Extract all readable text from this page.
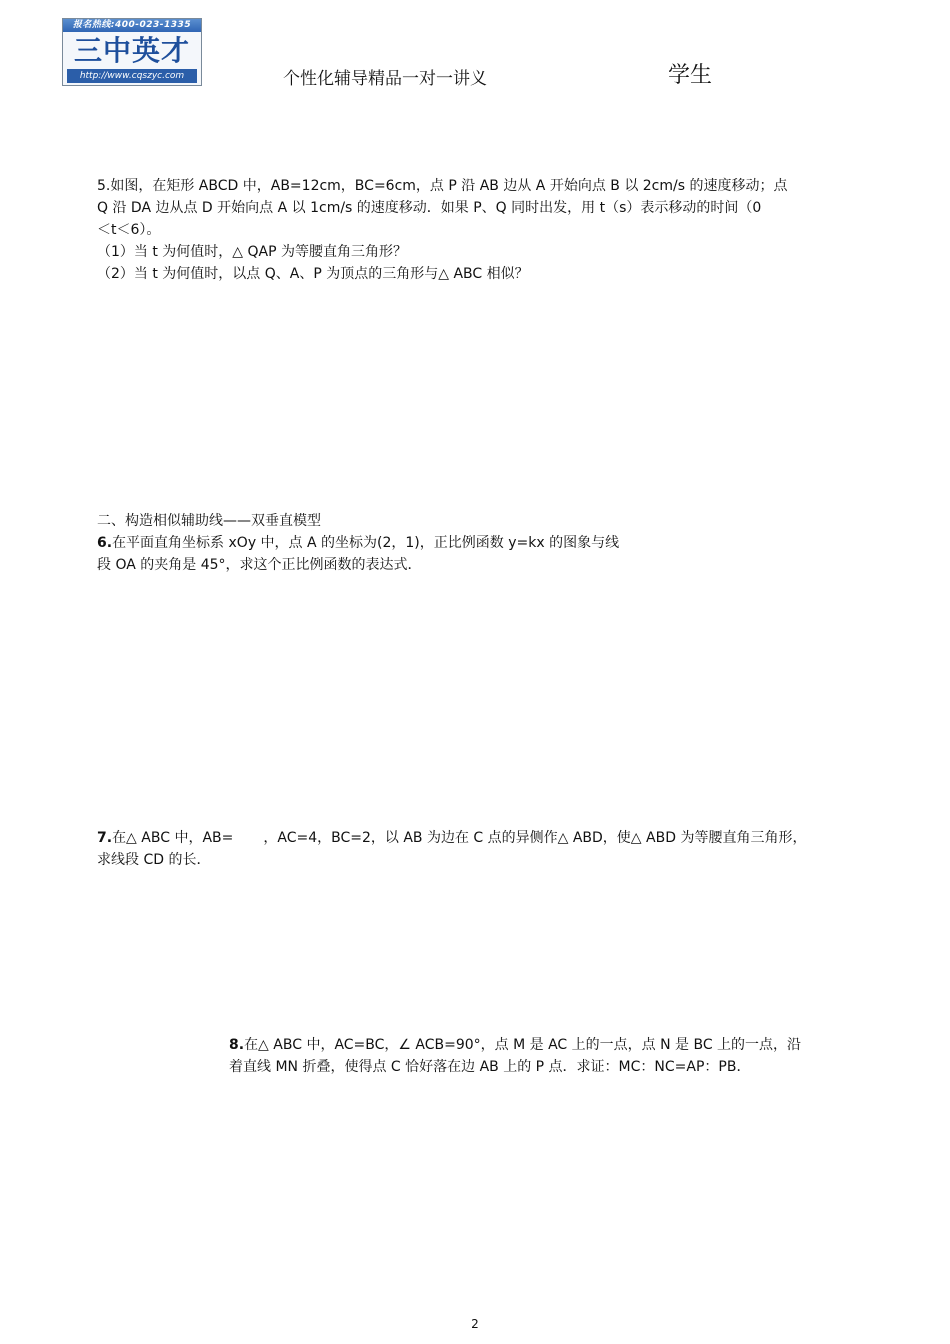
报名热线:400-023-1335
三中英才
http://www.cqszyc.com	个性化辅导精品一对一讲义	学生

5.如图，在矩形 ABCD 中，AB=12cm，BC=6cm，点 P 沿 AB 边从 A 开始向点 B 以 2cm/s 的速度移动；点

Q 沿 DA 边从点 D 开始向点 A 以 1cm/s 的速度移动．如果 P、Q 同时出发，用 t（s）表示移动的时间（0

＜t＜6）。

（1）当 t 为何值时，△ QAP 为等腰直角三角形？

（2）当 t 为何值时，以点 Q、A、P 为顶点的三角形与△ ABC 相似？

二、构造相似辅助线——双垂直模型

6.在平面直角坐标系 xOy 中，点 A 的坐标为(2，1)，正比例函数 y=kx 的图象与线

段 OA 的夹角是 45°，求这个正比例函数的表达式．

7.在△ ABC 中，AB= ，AC=4，BC=2，以 AB 为边在 C 点的异侧作△ ABD，使△ ABD 为等腰直角三角形，

求线段 CD 的长．

8.在△ ABC 中，AC=BC，∠ ACB=90°，点 M 是 AC 上的一点，点 N 是 BC 上的一点，沿

着直线 MN 折叠，使得点 C 恰好落在边 AB 上的 P 点．求证：MC：NC=AP：PB．

2
